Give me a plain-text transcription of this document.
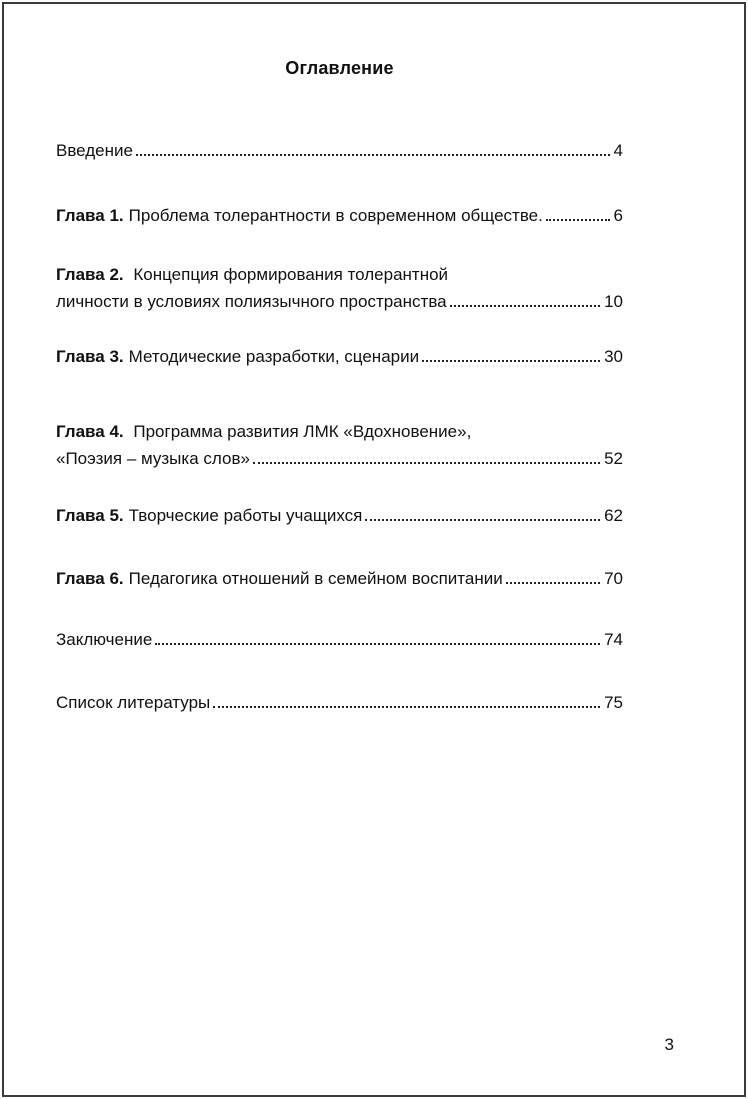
Оглавление
Введение	4
Глава 1. Проблема толерантности в современном обществе.	6
Глава 2. Концепция формирования толерантной
личности в условиях полиязычного пространства	10
Глава 3. Методические разработки, сценарии	30
Глава 4. Программа развития ЛМК «Вдохновение»,
«Поэзия – музыка слов»	52
Глава 5. Творческие работы учащихся	62
Глава 6. Педагогика отношений в семейном воспитании	70
Заключение	74
Список литературы	75
3
